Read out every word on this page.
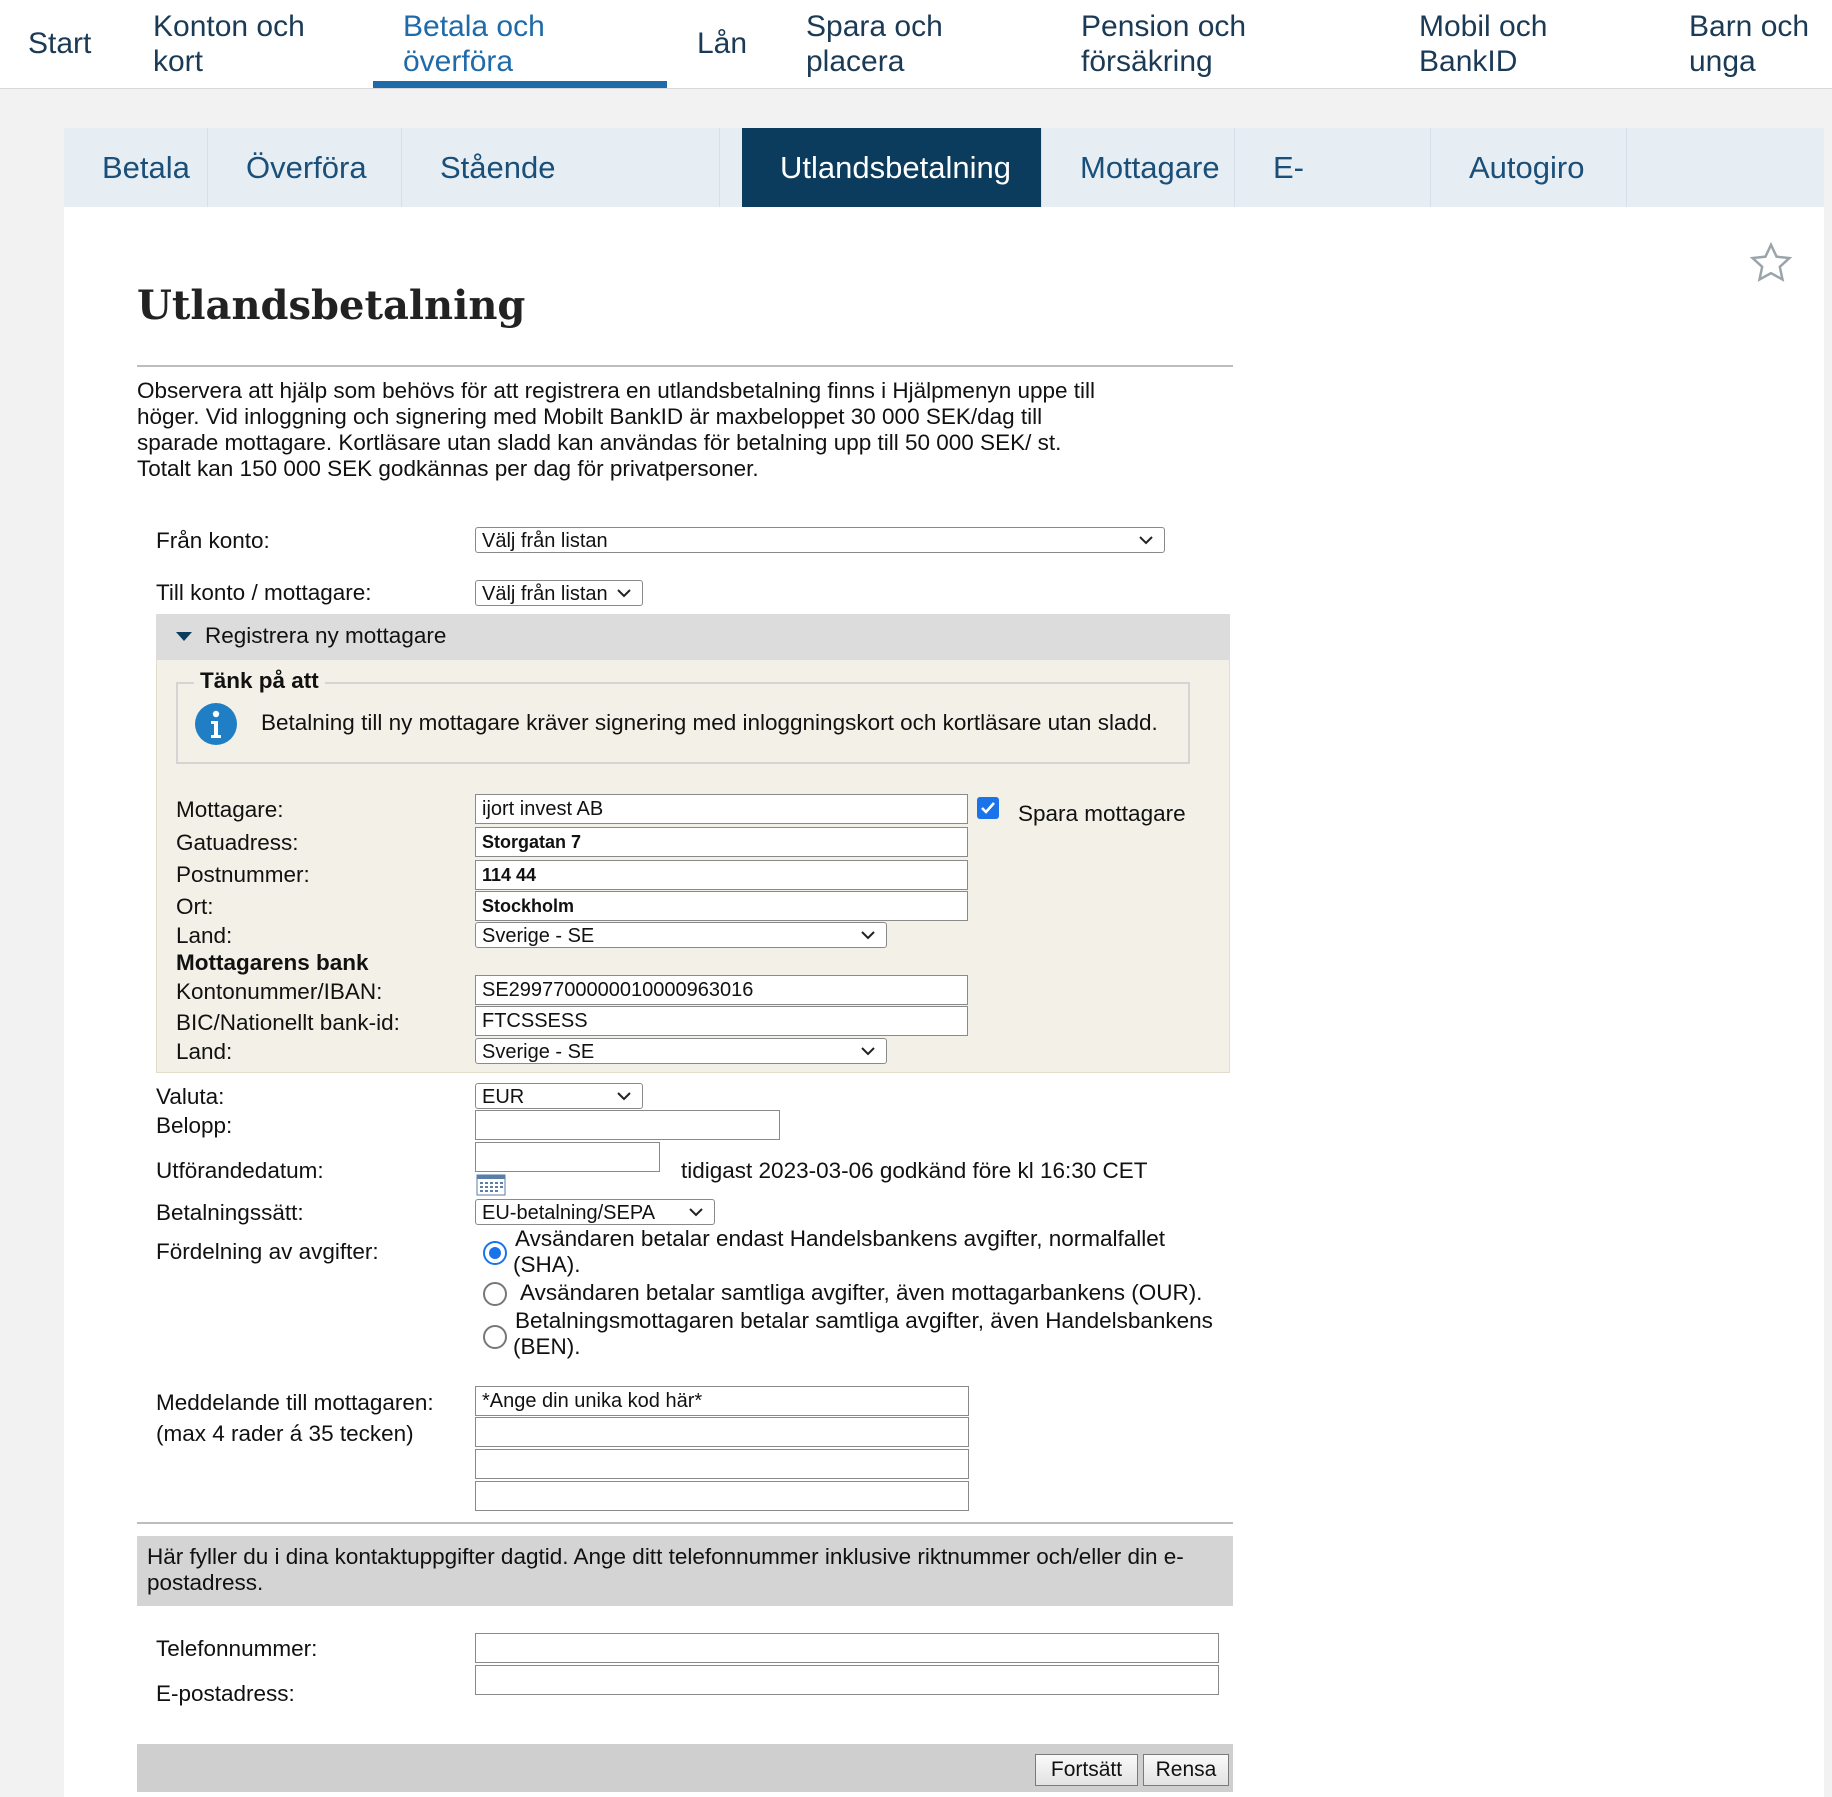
Start
Konton och
kort
Betala och
överföra
Lån
Spara och
placera
Pension och
försäkring
Mobil och
BankID
Barn och
unga
Betala	Överföra	Stående	Utlandsbetalning	Mottagare	E-	Autogiro
Utlandsbetalning
Observera att hjälp som behövs för att registrera en utlandsbetalning finns i Hjälpmenyn uppe till
höger. Vid inloggning och signering med Mobilt BankID är maxbeloppet 30 000 SEK/dag till
sparade mottagare. Kortläsare utan sladd kan användas för betalning upp till 50 000 SEK/ st.
Totalt kan 150 000 SEK godkännas per dag för privatpersoner.
Från konto:	Välj från listan
Till konto / mottagare:	Välj från listan
Registrera ny mottagare
Tänk på att
Betalning till ny mottagare kräver signering med inloggningskort och kortläsare utan sladd.
Mottagare:
ijort invest AB	Spara mottagare
Gatuadress:
Storgatan 7
Postnummer:
114 44
Ort:
Stockholm
Land:	Sverige - SE
Mottagarens bank
Kontonummer/IBAN:
SE2997700000010000963016
BIC/Nationellt bank-id:
FTCSSESS
Land:	Sverige - SE
Valuta:	EUR
Belopp:
Utförandedatum:	tidigast 2023-03-06 godkänd före kl 16:30 CET
Betalningssätt:	EU-betalning/SEPA
Fördelning av avgifter:
Avsändaren betalar endast Handelsbankens avgifter, normalfallet
(SHA).
Avsändaren betalar samtliga avgifter, även mottagarbankens (OUR).
Betalningsmottagaren betalar samtliga avgifter, även Handelsbankens
(BEN).
Meddelande till mottagaren:
(max 4 rader á 35 tecken)
*Ange din unika kod här*
Här fyller du i dina kontaktuppgifter dagtid. Ange ditt telefonnummer inklusive riktnummer och/eller din e-postadress.
Telefonnummer:
E-postadress:
Fortsätt	Rensa
